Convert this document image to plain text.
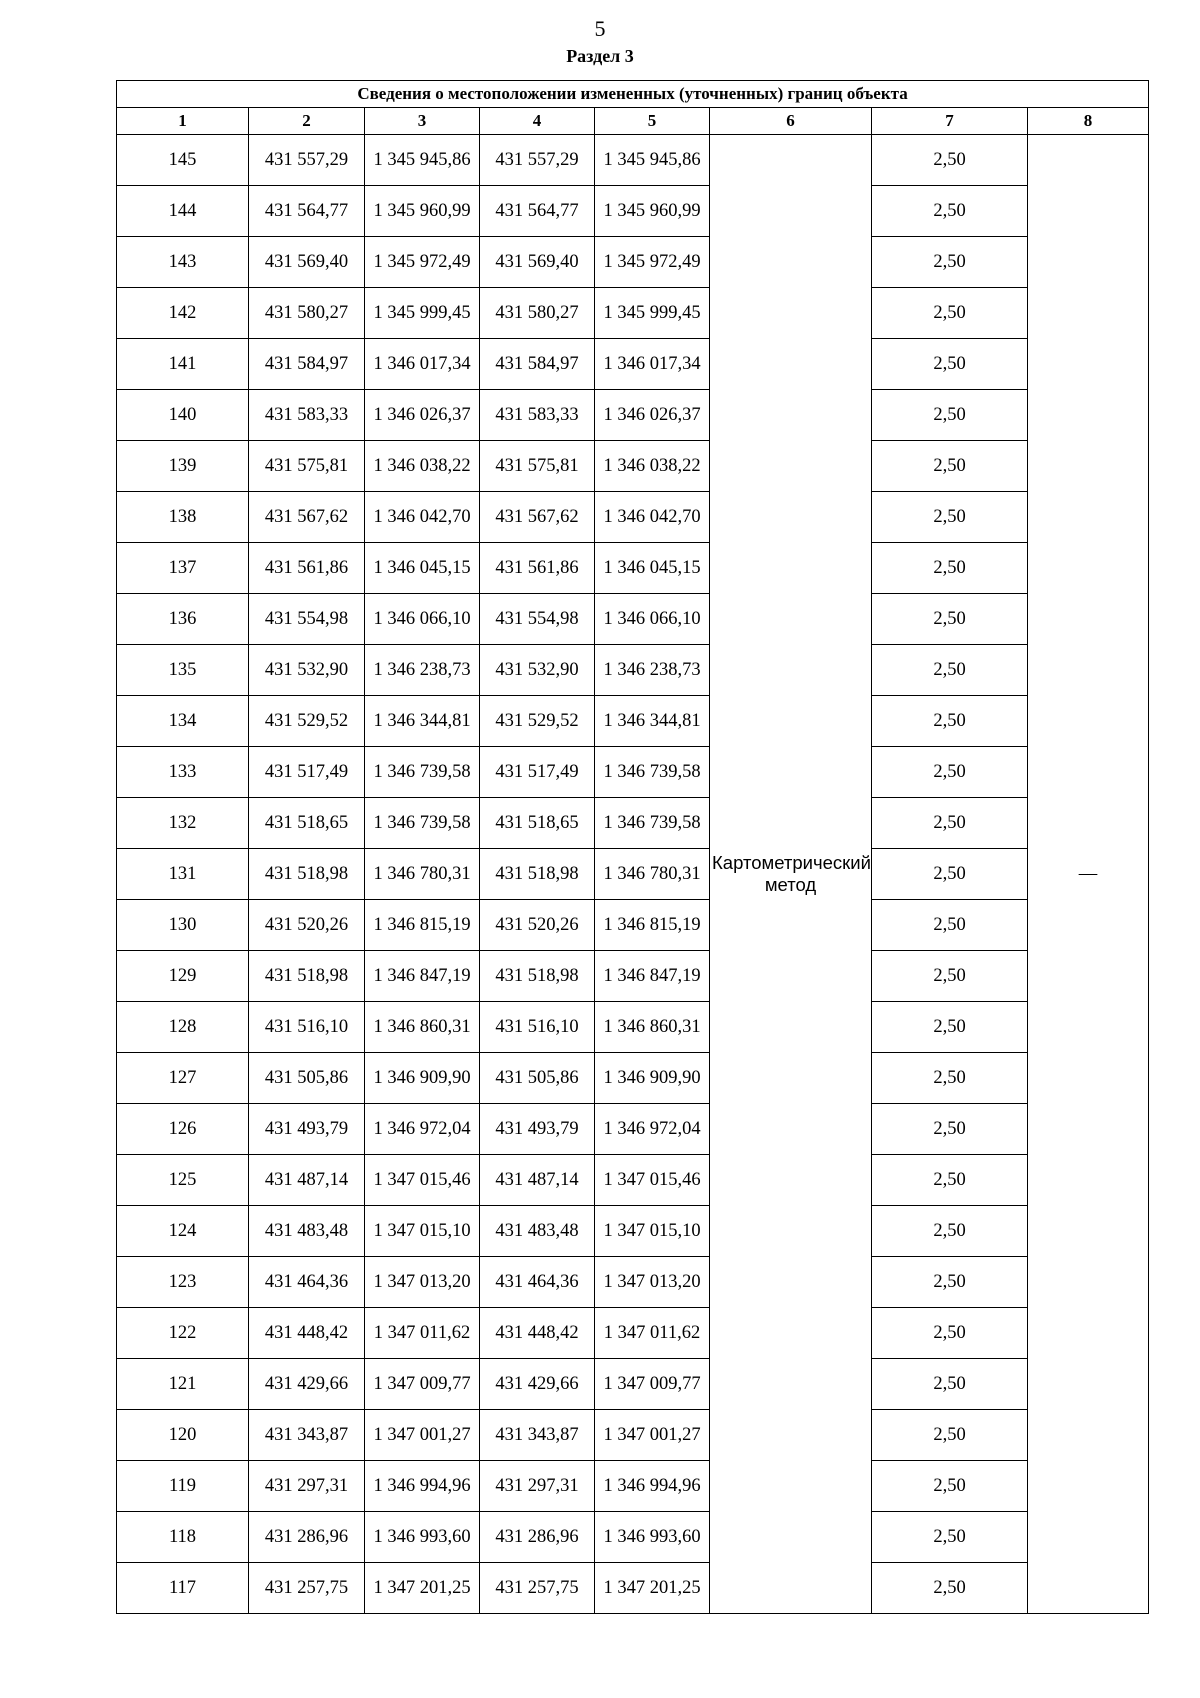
5
Раздел 3
Сведения о местоположении измененных (уточненных) границ объекта							
1	2	3	4	5	6	7	8
145	431 557,29	1 345 945,86	431 557,29	1 345 945,86	Картометрический метод	2,50	—
144	431 564,77	1 345 960,99	431 564,77	1 345 960,99		2,50	
143	431 569,40	1 345 972,49	431 569,40	1 345 972,49		2,50	
142	431 580,27	1 345 999,45	431 580,27	1 345 999,45		2,50	
141	431 584,97	1 346 017,34	431 584,97	1 346 017,34		2,50	
140	431 583,33	1 346 026,37	431 583,33	1 346 026,37		2,50	
139	431 575,81	1 346 038,22	431 575,81	1 346 038,22		2,50	
138	431 567,62	1 346 042,70	431 567,62	1 346 042,70		2,50	
137	431 561,86	1 346 045,15	431 561,86	1 346 045,15		2,50	
136	431 554,98	1 346 066,10	431 554,98	1 346 066,10		2,50	
135	431 532,90	1 346 238,73	431 532,90	1 346 238,73		2,50	
134	431 529,52	1 346 344,81	431 529,52	1 346 344,81		2,50	
133	431 517,49	1 346 739,58	431 517,49	1 346 739,58		2,50	
132	431 518,65	1 346 739,58	431 518,65	1 346 739,58		2,50	
131	431 518,98	1 346 780,31	431 518,98	1 346 780,31		2,50	
130	431 520,26	1 346 815,19	431 520,26	1 346 815,19		2,50	
129	431 518,98	1 346 847,19	431 518,98	1 346 847,19		2,50	
128	431 516,10	1 346 860,31	431 516,10	1 346 860,31		2,50	
127	431 505,86	1 346 909,90	431 505,86	1 346 909,90		2,50	
126	431 493,79	1 346 972,04	431 493,79	1 346 972,04		2,50	
125	431 487,14	1 347 015,46	431 487,14	1 347 015,46		2,50	
124	431 483,48	1 347 015,10	431 483,48	1 347 015,10		2,50	
123	431 464,36	1 347 013,20	431 464,36	1 347 013,20		2,50	
122	431 448,42	1 347 011,62	431 448,42	1 347 011,62		2,50	
121	431 429,66	1 347 009,77	431 429,66	1 347 009,77		2,50	
120	431 343,87	1 347 001,27	431 343,87	1 347 001,27		2,50	
119	431 297,31	1 346 994,96	431 297,31	1 346 994,96		2,50	
118	431 286,96	1 346 993,60	431 286,96	1 346 993,60		2,50	
117	431 257,75	1 347 201,25	431 257,75	1 347 201,25		2,50	
